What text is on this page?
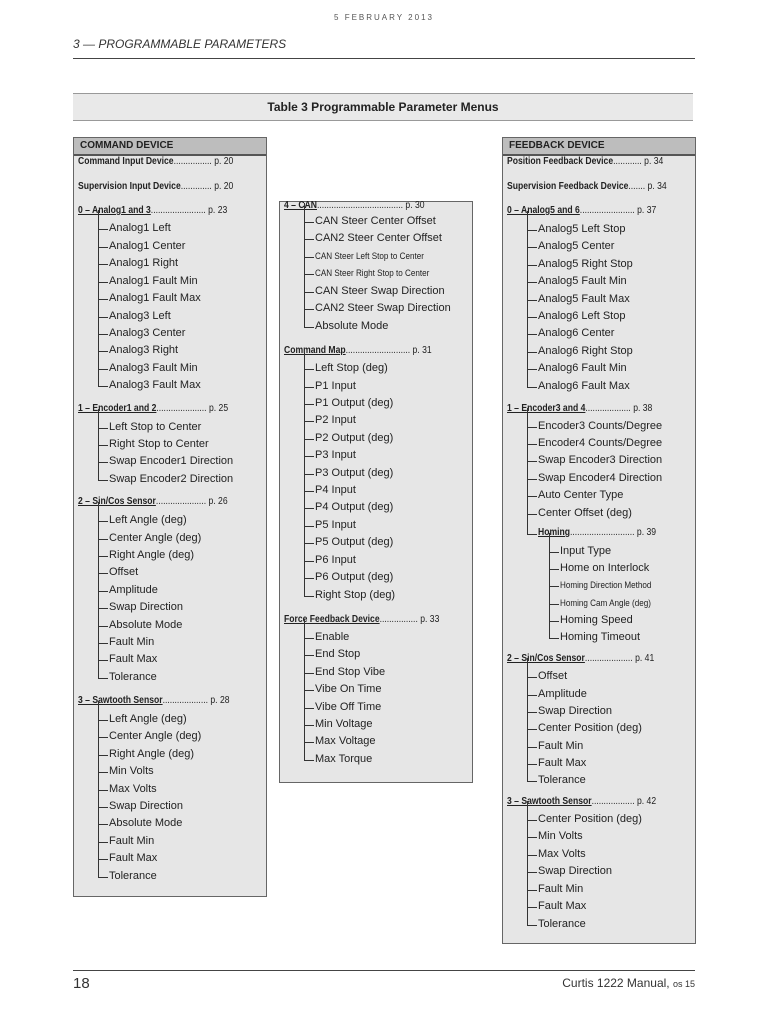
5 FEBRUARY 2013
3 — PROGRAMMABLE PARAMETERS
Table 3 Programmable Parameter Menus
COMMAND DEVICE
Command Input Device................ p. 20
Supervision Input Device............. p. 20
0 – Analog1 and 3....................... p. 23
Analog1 Left
Analog1 Center
Analog1 Right
Analog1 Fault Min
Analog1 Fault Max
Analog3 Left
Analog3 Center
Analog3 Right
Analog3 Fault Min
Analog3 Fault Max
1 – Encoder1 and 2..................... p. 25
Left Stop to Center
Right Stop to Center
Swap Encoder1 Direction
Swap Encoder2 Direction
2 – Sin/Cos Sensor..................... p. 26
Left Angle (deg)
Center Angle (deg)
Right Angle (deg)
Offset
Amplitude
Swap Direction
Absolute Mode
Fault Min
Fault Max
Tolerance
3 – Sawtooth Sensor................... p. 28
Left Angle (deg)
Center Angle (deg)
Right Angle (deg)
Min Volts
Max Volts
Swap Direction
Absolute Mode
Fault Min
Fault Max
Tolerance
4 – CAN.................................... p. 30
CAN Steer Center Offset
CAN2 Steer Center Offset
CAN Steer Left Stop to Center
CAN Steer Right Stop to Center
CAN Steer Swap Direction
CAN2 Steer Swap Direction
Absolute Mode
Command Map........................... p. 31
Left Stop (deg)
P1 Input
P1 Output (deg)
P2 Input
P2 Output (deg)
P3 Input
P3 Output (deg)
P4 Input
P4 Output (deg)
P5 Input
P5 Output (deg)
P6 Input
P6 Output (deg)
Right Stop (deg)
Force Feedback Device................ p. 33
Enable
End Stop
End Stop Vibe
Vibe On Time
Vibe Off Time
Min Voltage
Max Voltage
Max Torque
FEEDBACK DEVICE
Position Feedback Device............ p. 34
Supervision Feedback Device....... p. 34
0 – Analog5 and 6....................... p. 37
Analog5 Left Stop
Analog5 Center
Analog5 Right Stop
Analog5 Fault Min
Analog5 Fault Max
Analog6 Left Stop
Analog6 Center
Analog6 Right Stop
Analog6 Fault Min
Analog6 Fault Max
1 – Encoder3 and 4................... p. 38
Encoder3 Counts/Degree
Encoder4 Counts/Degree
Swap Encoder3 Direction
Swap Encoder4 Direction
Auto Center Type
Center Offset (deg)
Homing........................... p. 39
Input Type
Home on Interlock
Homing Direction Method
Homing Cam Angle (deg)
Homing Speed
Homing Timeout
2 – Sin/Cos Sensor.................... p. 41
Offset
Amplitude
Swap Direction
Center Position (deg)
Fault Min
Fault Max
Tolerance
3 – Sawtooth Sensor.................. p. 42
Center Position (deg)
Min Volts
Max Volts
Swap Direction
Fault Min
Fault Max
Tolerance
18	Curtis 1222 Manual, os 15
